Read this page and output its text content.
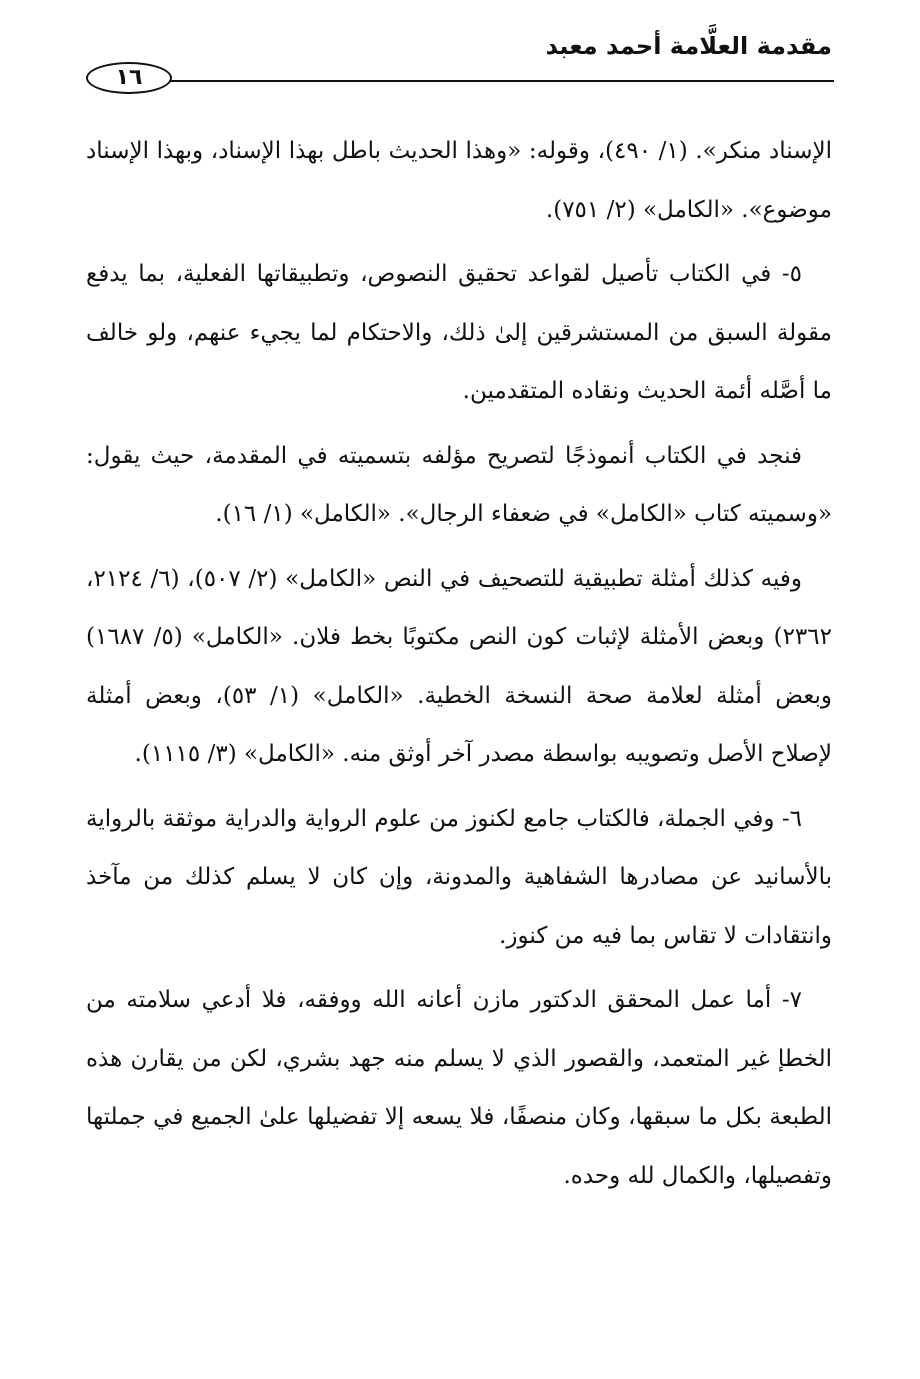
مقدمة العلَّامة أحمد معبد
١٦

الإسناد منكر». (١/ ٤٩٠)، وقوله: «وهذا الحديث باطل بهذا الإسناد، وبهذا الإسناد موضوع». «الكامل» (٢/ ٧٥١).

٥- في الكتاب تأصيل لقواعد تحقيق النصوص، وتطبيقاتها الفعلية، بما يدفع مقولة السبق من المستشرقين إلىٰ ذلك، والاحتكام لما يجيء عنهم، ولو خالف ما أصَّله أئمة الحديث ونقاده المتقدمين.

فنجد في الكتاب أنموذجًا لتصريح مؤلفه بتسميته في المقدمة، حيث يقول: «وسميته كتاب «الكامل» في ضعفاء الرجال». «الكامل» (١/ ١٦).

وفيه كذلك أمثلة تطبيقية للتصحيف في النص «الكامل» (٢/ ٥٠٧)، (٦/ ٢١٢٤، ٢٣٦٢) وبعض الأمثلة لإثبات كون النص مكتوبًا بخط فلان. «الكامل» (٥/ ١٦٨٧) وبعض أمثلة لعلامة صحة النسخة الخطية. «الكامل» (١/ ٥٣)، وبعض أمثلة لإصلاح الأصل وتصويبه بواسطة مصدر آخر أوثق منه. «الكامل» (٣/ ١١١٥).

٦- وفي الجملة، فالكتاب جامع لكنوز من علوم الرواية والدراية موثقة بالرواية بالأسانيد عن مصادرها الشفاهية والمدونة، وإن كان لا يسلم كذلك من مآخذ وانتقادات لا تقاس بما فيه من كنوز.

٧- أما عمل المحقق الدكتور مازن أعانه الله ووفقه، فلا أدعي سلامته من الخطإ غير المتعمد، والقصور الذي لا يسلم منه جهد بشري، لكن من يقارن هذه الطبعة بكل ما سبقها، وكان منصفًا، فلا يسعه إلا تفضيلها علىٰ الجميع في جملتها وتفصيلها، والكمال لله وحده.
